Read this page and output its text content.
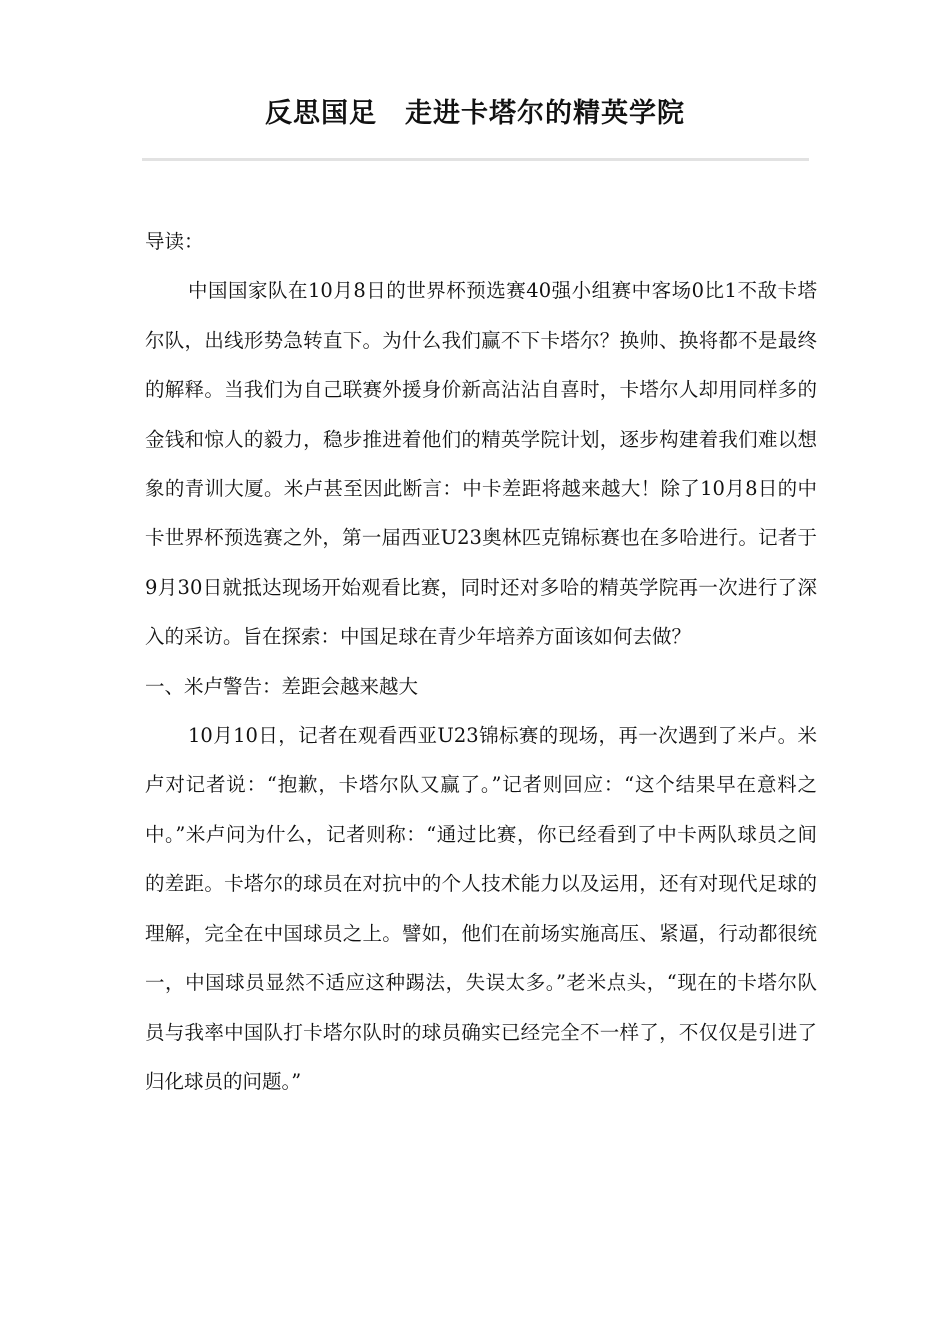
反思国足　走进卡塔尔的精英学院

导读：

中国国家队在10月8日的世界杯预选赛40强小组赛中客场0比1不敌卡塔尔队，出线形势急转直下。为什么我们赢不下卡塔尔？换帅、换将都不是最终的解释。当我们为自己联赛外援身价新高沾沾自喜时，卡塔尔人却用同样多的金钱和惊人的毅力，稳步推进着他们的精英学院计划，逐步构建着我们难以想象的青训大厦。米卢甚至因此断言：中卡差距将越来越大！除了10月8日的中卡世界杯预选赛之外，第一届西亚U23奥林匹克锦标赛也在多哈进行。记者于9月30日就抵达现场开始观看比赛，同时还对多哈的精英学院再一次进行了深入的采访。旨在探索：中国足球在青少年培养方面该如何去做？

一、米卢警告：差距会越来越大

10月10日，记者在观看西亚U23锦标赛的现场，再一次遇到了米卢。米卢对记者说：“抱歉，卡塔尔队又赢了。”记者则回应：“这个结果早在意料之中。”米卢问为什么，记者则称：“通过比赛，你已经看到了中卡两队球员之间的差距。卡塔尔的球员在对抗中的个人技术能力以及运用，还有对现代足球的理解，完全在中国球员之上。譬如，他们在前场实施高压、紧逼，行动都很统一，中国球员显然不适应这种踢法，失误太多。”老米点头，“现在的卡塔尔队员与我率中国队打卡塔尔队时的球员确实已经完全不一样了，不仅仅是引进了归化球员的问题。”
